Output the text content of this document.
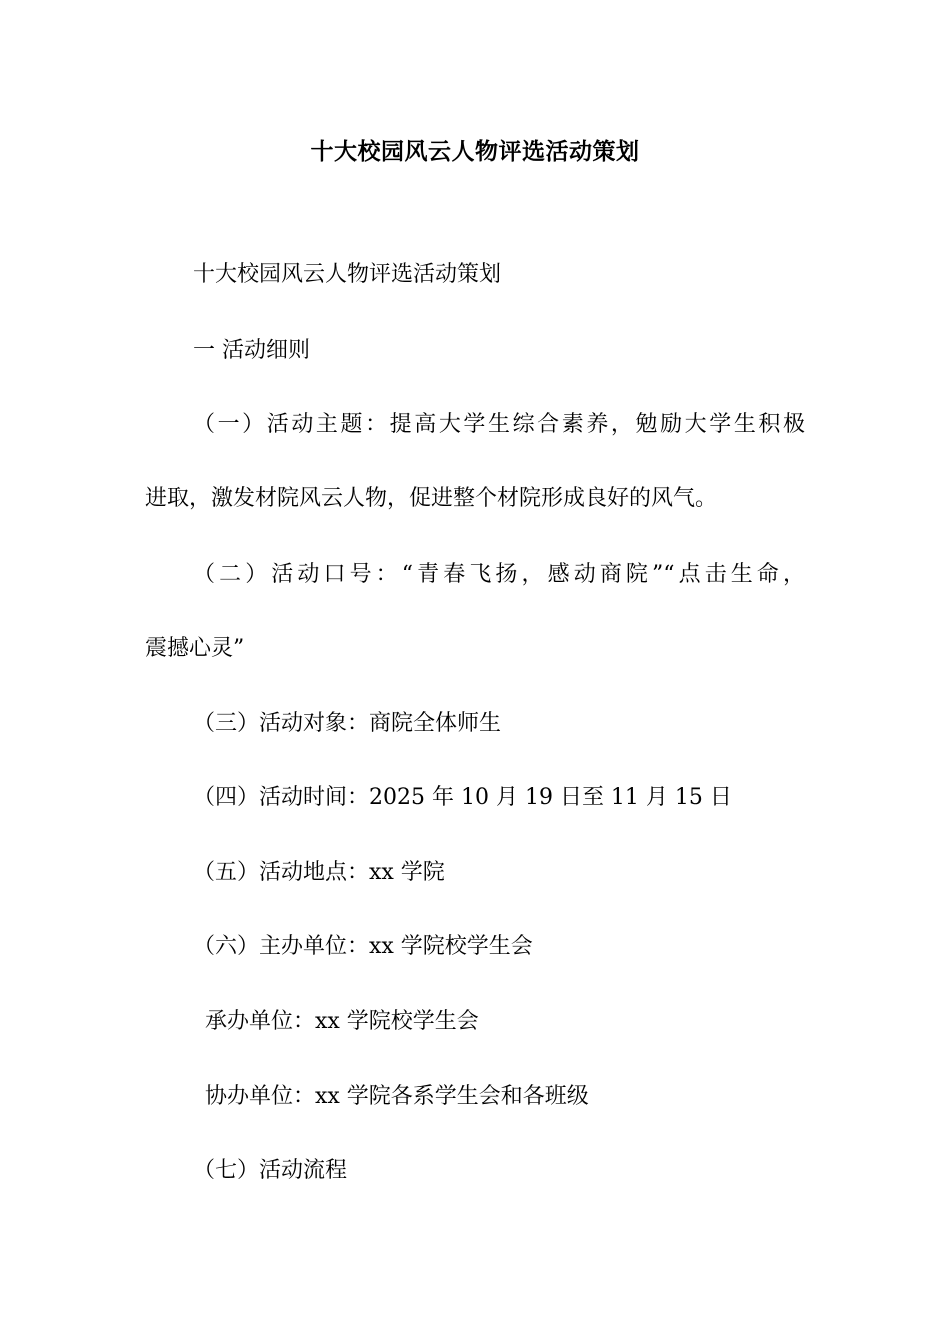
十大校园风云人物评选活动策划
十大校园风云人物评选活动策划
一 活动细则
（一）活动主题：提高大学生综合素养，勉励大学生积极
进取，激发材院风云人物，促进整个材院形成良好的风气。
（二）活动口号：“青春飞扬，感动商院”“点击生命，
震撼心灵”
（三）活动对象：商院全体师生
（四）活动时间：2025 年 10 月 19 日至 11 月 15 日
（五）活动地点：xx 学院
（六）主办单位：xx 学院校学生会
承办单位：xx 学院校学生会
协办单位：xx 学院各系学生会和各班级
（七）活动流程
